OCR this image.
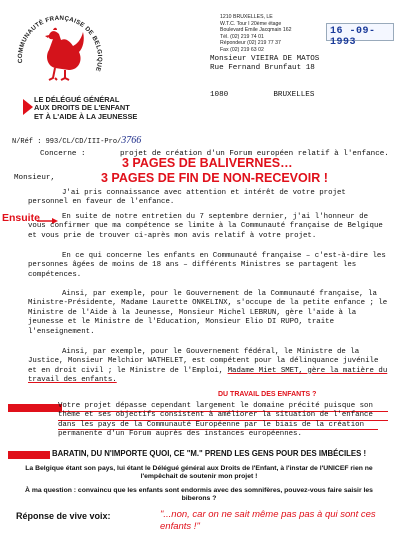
COMMUNAUTÉ FRANÇAISE DE BELGIQUE
1210 BRUXELLES, LE
W.T.C. Tour I 20ème étage
Boulevard Emile Jacqmain 162
Tél. (02) 219 74 01
Répondeur (02) 219 77 37
Fax (02) 219 63 02
16 -09- 1993
Monsieur VIEIRA DE MATOS
Rue Fernand Brunfaut 18
1080	BRUXELLES
LE DÉLÉGUÉ GÉNÉRAL
AUX DROITS DE L'ENFANT
ET À L'AIDE À LA JEUNESSE
N/Réf : 993/CL/CD/III-Pro/3766
Concerne :	projet de création d'un Forum européen relatif à l'enfance.
3 PAGES DE BALIVERNES…
3 PAGES DE FIN DE NON-RECEVOIR !
Monsieur,
J'ai pris connaissance avec attention et intérêt de votre projet personnel en faveur de l'enfance.
Ensuite	En suite de notre entretien du 7 septembre dernier, j'ai l'honneur de vous confirmer que ma compétence se limite à la Communauté française de Belgique et vous prie de trouver ci-après mon avis relatif à votre projet.
En ce qui concerne les enfants en Communauté française – c'est-à-dire les personnes âgées de moins de 18 ans – différents Ministres se partagent les compétences.
Ainsi, par exemple, pour le Gouvernement de la Communauté française, la Ministre-Présidente, Madame Laurette ONKELINX, s'occupe de la petite enfance ; le Ministre de l'Aide à la Jeunesse, Monsieur Michel LEBRUN, gère l'aide à la jeunesse et le Ministre de l'Education, Monsieur Elio DI RUPO, traite l'enseignement.
Ainsi, par exemple, pour le Gouvernement fédéral, le Ministre de la Justice, Monsieur Melchior WATHELET, est compétent pour la délinquance juvénile et en droit civil ; le Ministre de l'Emploi, Madame Miet SMET, gère la matière du travail des enfants.
DU TRAVAIL DES ENFANTS ?
Votre projet dépasse cependant largement le domaine précité puisque son thème et ses objectifs consistent à améliorer la situation de l'enfance dans les pays de la Communauté Européenne par le biais de la création permanente d'un Forum auprès des instances européennes.
BARATIN, DU N'IMPORTE QUOI, CE "M." PREND LES GENS POUR DES IMBÉCILES !
La Belgique étant son pays, lui étant le Délégué général aux Droits de l'Enfant, à l'instar de l'UNICEF rien ne l'empêchait de soutenir mon projet !
À ma question : convaincu que les enfants sont endormis avec des somnifères, pouvez-vous faire saisir les biberons ?
Réponse de vive voix:	"...non, car on ne sait même pas pas à qui sont ces enfants !"
